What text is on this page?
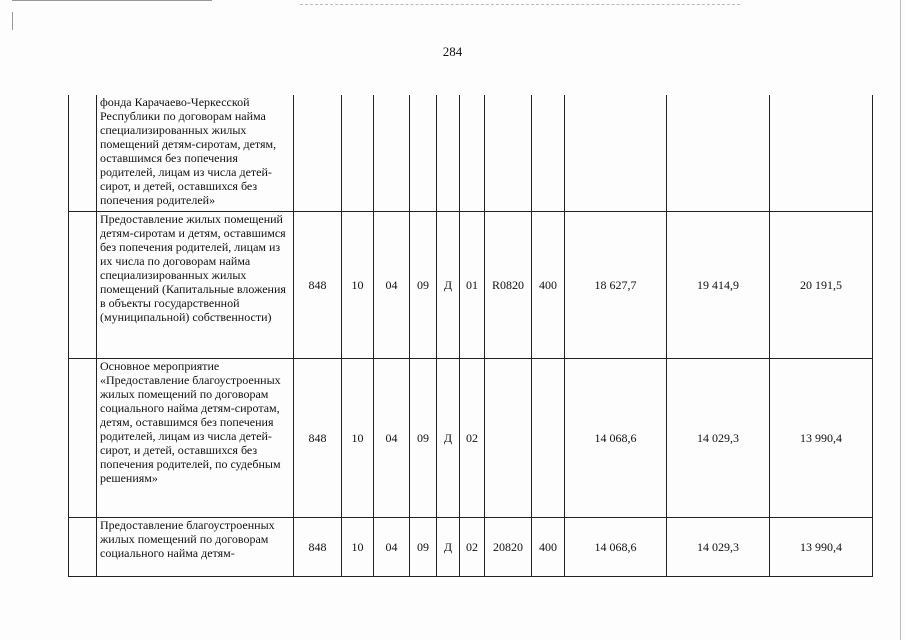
284
	фонда Карачаево-Черкесской Республики по договорам найма специализированных жилых помещений детям-сиротам, детям, оставшимся без попечения родителей, лицам из числа детей-сирот, и детей, оставшихся без попечения родителей»											
	Предоставление жилых помещений детям-сиротам и детям, оставшимся без попечения родителей, лицам из их числа по договорам найма специализированных жилых помещений (Капитальные вложения в объекты государственной (муниципальной) собственности)	848	10	04	09	Д	01	R0820	400	18 627,7	19 414,9	20 191,5
	Основное мероприятие «Предоставление благоустроенных жилых помещений по договорам социального найма детям-сиротам, детям, оставшимся без попечения родителей, лицам из числа детей-сирот, и детей, оставшихся без попечения родителей, по судебным решениям»	848	10	04	09	Д	02			14 068,6	14 029,3	13 990,4
	Предоставление благоустроенных жилых помещений по договорам социального найма детям-	848	10	04	09	Д	02	20820	400	14 068,6	14 029,3	13 990,4
